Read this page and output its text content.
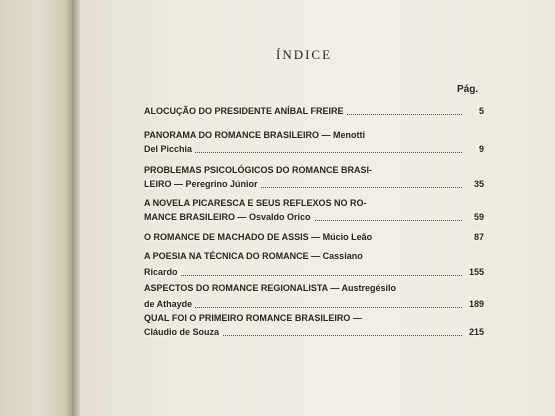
ÍNDICE
Pág.
ALOCUÇÃO DO PRESIDENTE ANÍBAL FREIRE	5
PANORAMA DO ROMANCE BRASILEIRO — Menotti
Del Picchia	9
PROBLEMAS PSICOLÓGICOS DO ROMANCE BRASI-
LEIRO — Peregrino Júnior	35
A NOVELA PICARESCA E SEUS REFLEXOS NO RO-
MANCE BRASILEIRO — Osvaldo Orico	59
O ROMANCE DE MACHADO DE ASSIS — Múcio Leão	87
A POESIA NA TÉCNICA DO ROMANCE — Cassiano
Ricardo	155
ASPECTOS DO ROMANCE REGIONALISTA — Austregésilo
de Athayde	189
QUAL FOI O PRIMEIRO ROMANCE BRASILEIRO —
Cláudio de Souza	215
